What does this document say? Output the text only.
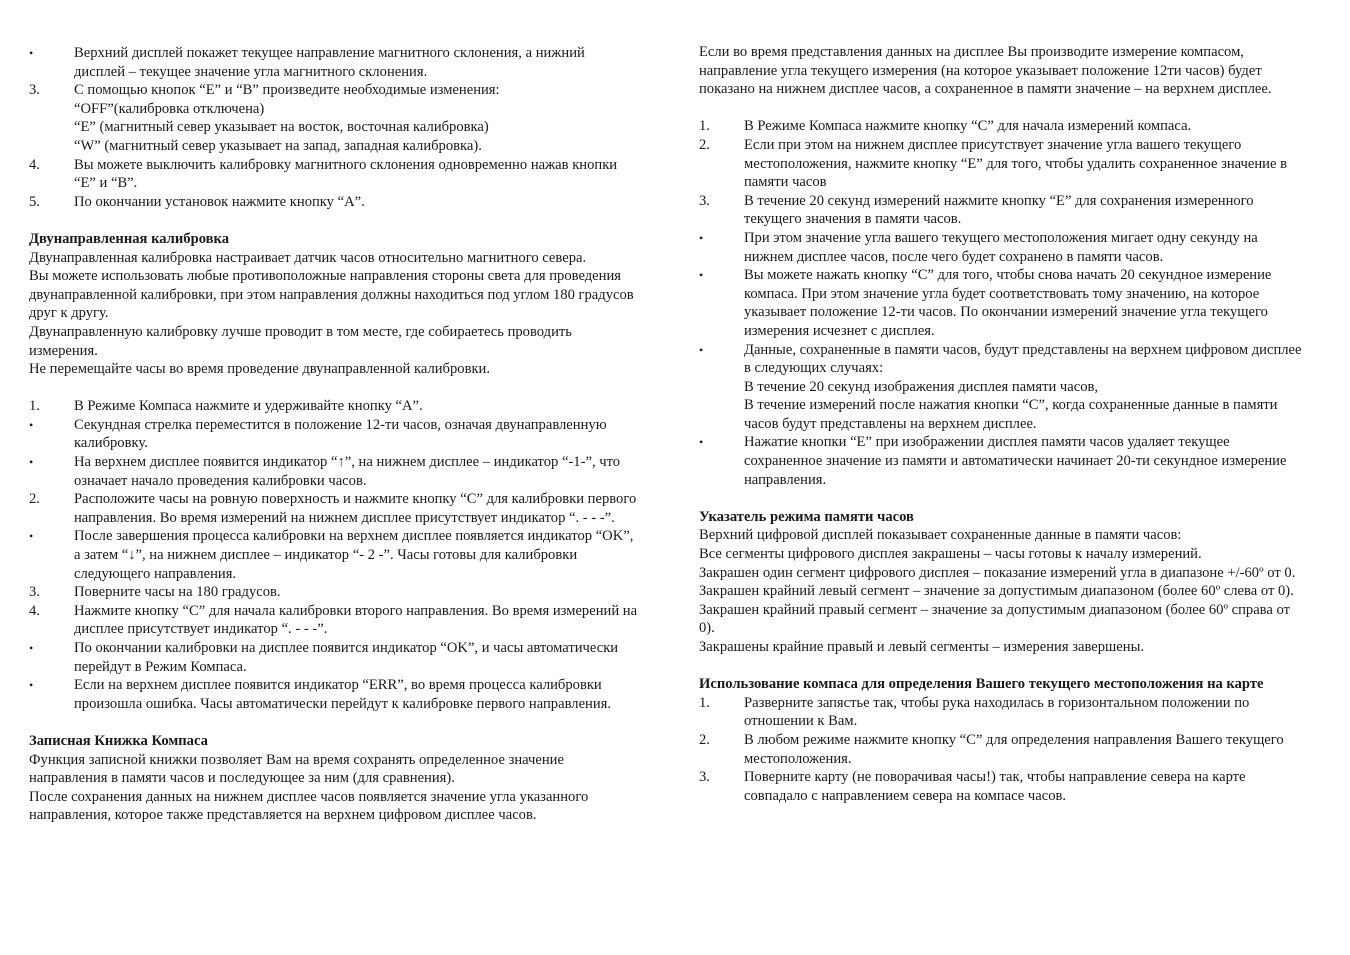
•	Верхний дисплей покажет текущее направление магнитного склонения, а нижний дисплей – текущее значение угла магнитного склонения.
3.	С помощью кнопок “E” и “B” произведите необходимые изменения:
“OFF”(калибровка отключена)
“E” (магнитный север указывает на восток, восточная калибровка)
“W” (магнитный север указывает на запад, западная калибровка).
4.	Вы можете выключить калибровку магнитного склонения одновременно нажав кнопки “E” и “B”.
5.	По окончании установок нажмите кнопку “A”.

Двунаправленная калибровка

Двунаправленная калибровка настраивает датчик часов относительно магнитного севера.

Вы можете использовать любые противоположные направления стороны света для проведения двунаправленной калибровки, при этом направления должны находиться под углом 180 градусов друг к другу.

Двунаправленную калибровку лучше проводит в том месте, где собираетесь проводить измерения.

Не перемещайте часы во время проведение двунаправленной калибровки.

1.	В Режиме Компаса нажмите и удерживайте кнопку “A”.
•	Секундная стрелка переместится в положение 12-ти часов, означая двунаправленную калибровку.
•	На верхнем дисплее появится индикатор “↑”, на нижнем дисплее – индикатор “-1-”, что означает начало проведения калибровки часов.
2.	Расположите часы на ровную поверхность и нажмите кнопку “C” для калибровки первого направления. Во время измерений на нижнем дисплее присутствует индикатор “. - - -”.
•	После завершения процесса калибровки на верхнем дисплее появляется индикатор “OK”, а затем “↓”, на нижнем дисплее – индикатор “- 2 -”. Часы готовы для калибровки следующего направления.
3.	Поверните часы на 180 градусов.
4.	Нажмите кнопку “C” для начала калибровки второго направления. Во время измерений на дисплее присутствует индикатор “. - - -”.
•	По окончании калибровки на дисплее появится индикатор “OK”, и часы автоматически перейдут в Режим Компаса.
•	Если на верхнем дисплее появится индикатор “ERR”, во время процесса калибровки произошла ошибка. Часы автоматически перейдут к калибровке первого направления.

Записная Книжка Компаса

Функция записной книжки позволяет Вам на время сохранять определенное значение направления в памяти часов и последующее за ним (для сравнения).

После сохранения данных на нижнем дисплее часов появляется значение угла указанного направления, которое также представляется на верхнем цифровом дисплее часов.

Если во время представления данных на дисплее Вы производите измерение компасом, направление угла текущего измерения (на которое указывает положение 12ти часов) будет показано на нижнем дисплее часов, а сохраненное в памяти значение – на верхнем дисплее.

1.	В Режиме Компаса нажмите кнопку “C” для начала измерений компаса.
2.	Если при этом на нижнем дисплее присутствует значение угла вашего текущего местоположения, нажмите кнопку “E” для того, чтобы удалить сохраненное значение в памяти часов
3.	В течение 20 секунд измерений нажмите кнопку “E” для сохранения измеренного текущего значения в памяти часов.
•	При этом значение угла вашего текущего местоположения мигает одну секунду на нижнем дисплее часов, после чего будет сохранено в памяти часов.
•	Вы можете нажать кнопку “C” для того, чтобы снова начать 20 секундное измерение компаса. При этом значение угла будет соответствовать тому значению, на которое указывает положение 12-ти часов. По окончании измерений значение угла текущего измерения исчезнет с дисплея.
•	Данные, сохраненные в памяти часов, будут представлены на верхнем цифровом дисплее в следующих случаях:
В течение 20 секунд изображения дисплея памяти часов,
В течение измерений после нажатия кнопки “C”, когда сохраненные данные в памяти часов будут представлены на верхнем дисплее.
•	Нажатие кнопки “E” при изображении дисплея памяти часов удаляет текущее сохраненное значение из памяти и автоматически начинает 20-ти секундное измерение направления.

Указатель режима памяти часов

Верхний цифровой дисплей показывает сохраненные данные в памяти часов:

Все сегменты цифрового дисплея закрашены – часы готовы к началу измерений.

Закрашен один сегмент цифрового дисплея – показание измерений угла в диапазоне +/-60º от 0.

Закрашен крайний левый сегмент – значение за допустимым диапазоном (более 60º слева от 0).

Закрашен крайний правый сегмент – значение за допустимым диапазоном (более 60º справа от 0).

Закрашены крайние правый и левый сегменты – измерения завершены.

Использование компаса для определения Вашего текущего местоположения на карте

1.	Разверните запястье так, чтобы рука находилась в горизонтальном положении по отношении к Вам.
2.	В любом режиме нажмите кнопку “C” для определения направления Вашего текущего местоположения.
3.	Поверните карту (не поворачивая часы!) так, чтобы направление севера на карте совпадало с направлением севера на компасе часов.
